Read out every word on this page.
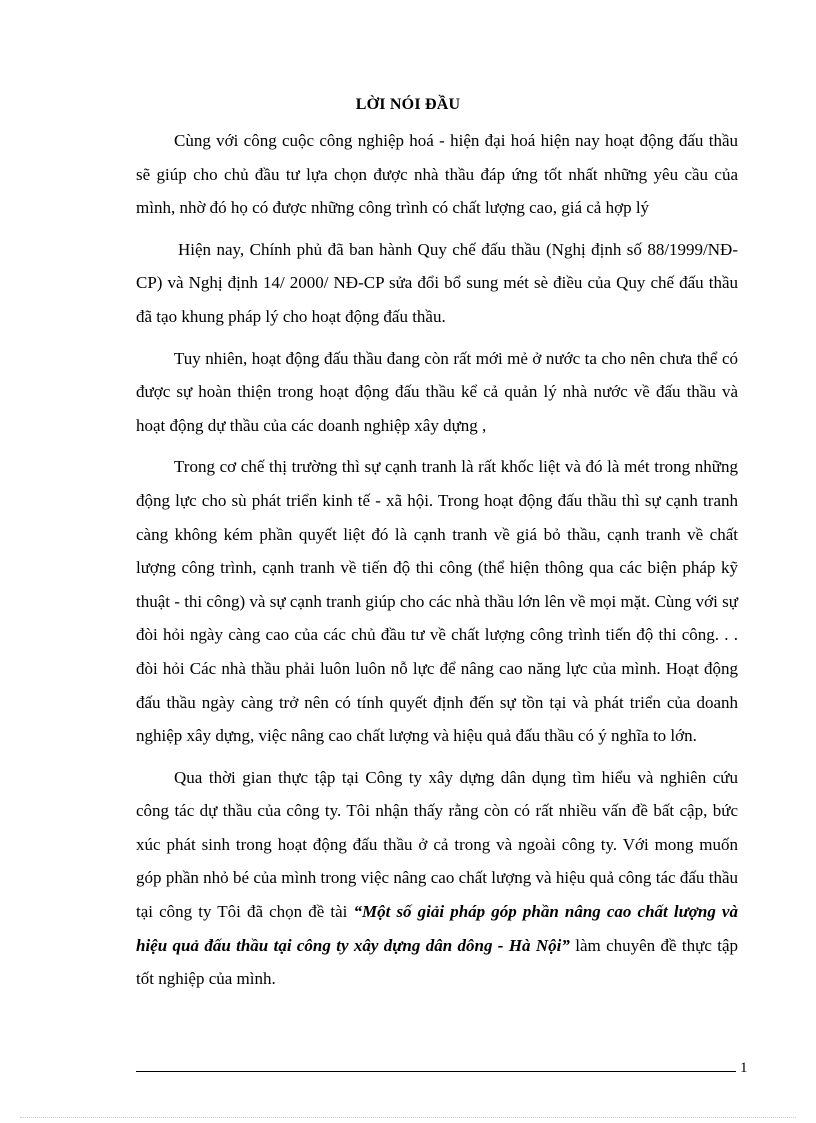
LỜI NÓI ĐẦU

Cùng với công cuộc công nghiệp hoá - hiện đại hoá hiện nay hoạt động đấu thầu sẽ giúp cho chủ đầu tư lựa chọn được nhà thầu đáp ứng tốt nhất những yêu cầu của mình, nhờ đó họ có được những công trình có chất lượng cao, giá cả hợp lý

Hiện nay, Chính phủ đã ban hành Quy chế đấu thầu (Nghị định số 88/1999/NĐ-CP) và Nghị định 14/ 2000/ NĐ-CP sửa đổi bổ sung mét sè điều của Quy chế đấu thầu đã tạo khung pháp lý cho hoạt động đấu thầu.

Tuy nhiên, hoạt động đấu thầu đang còn rất mới mẻ ở nước ta cho nên chưa thể có được sự hoàn thiện trong hoạt động đấu thầu kể cả quản lý nhà nước về đấu thầu và hoạt động dự thầu của các doanh nghiệp xây dựng ,

Trong cơ chế thị trường thì sự cạnh tranh là rất khốc liệt và đó là mét trong những động lực cho sù phát triển kinh tế - xã hội. Trong hoạt động đấu thầu thì sự cạnh tranh càng không kém phần quyết liệt đó là cạnh tranh về giá bỏ thầu, cạnh tranh về chất lượng công trình, cạnh tranh về tiến độ thi công (thể hiện thông qua các biện pháp kỹ thuật - thi công) và sự cạnh tranh giúp cho các nhà thầu lớn lên về mọi mặt. Cùng với sự đòi hỏi ngày càng cao của các chủ đầu tư về chất lượng công trình tiến độ thi công. . . đòi hỏi Các nhà thầu phải luôn luôn nỗ lực để nâng cao năng lực của mình. Hoạt động đấu thầu ngày càng trở nên có tính quyết định đến sự tồn tại và phát triển của doanh nghiệp xây dựng, việc nâng cao chất lượng và hiệu quả đấu thầu có ý nghĩa to lớn.

Qua thời gian thực tập tại Công ty xây dựng dân dụng tìm hiểu và nghiên cứu công tác dự thầu của công ty. Tôi nhận thấy rằng còn có rất nhiều vấn đề bất cập, bức xúc phát sinh trong hoạt động đấu thầu ở cả trong và ngoài công ty. Với mong muốn góp phần nhỏ bé của mình trong việc nâng cao chất lượng và hiệu quả công tác đấu thầu tại công ty Tôi đã chọn đề tài “Một số giải pháp góp phần nâng cao chất lượng và hiệu quả đấu thầu tại công ty xây dựng dân dông - Hà Nội” làm chuyên đề thực tập tốt nghiệp của mình.

1
